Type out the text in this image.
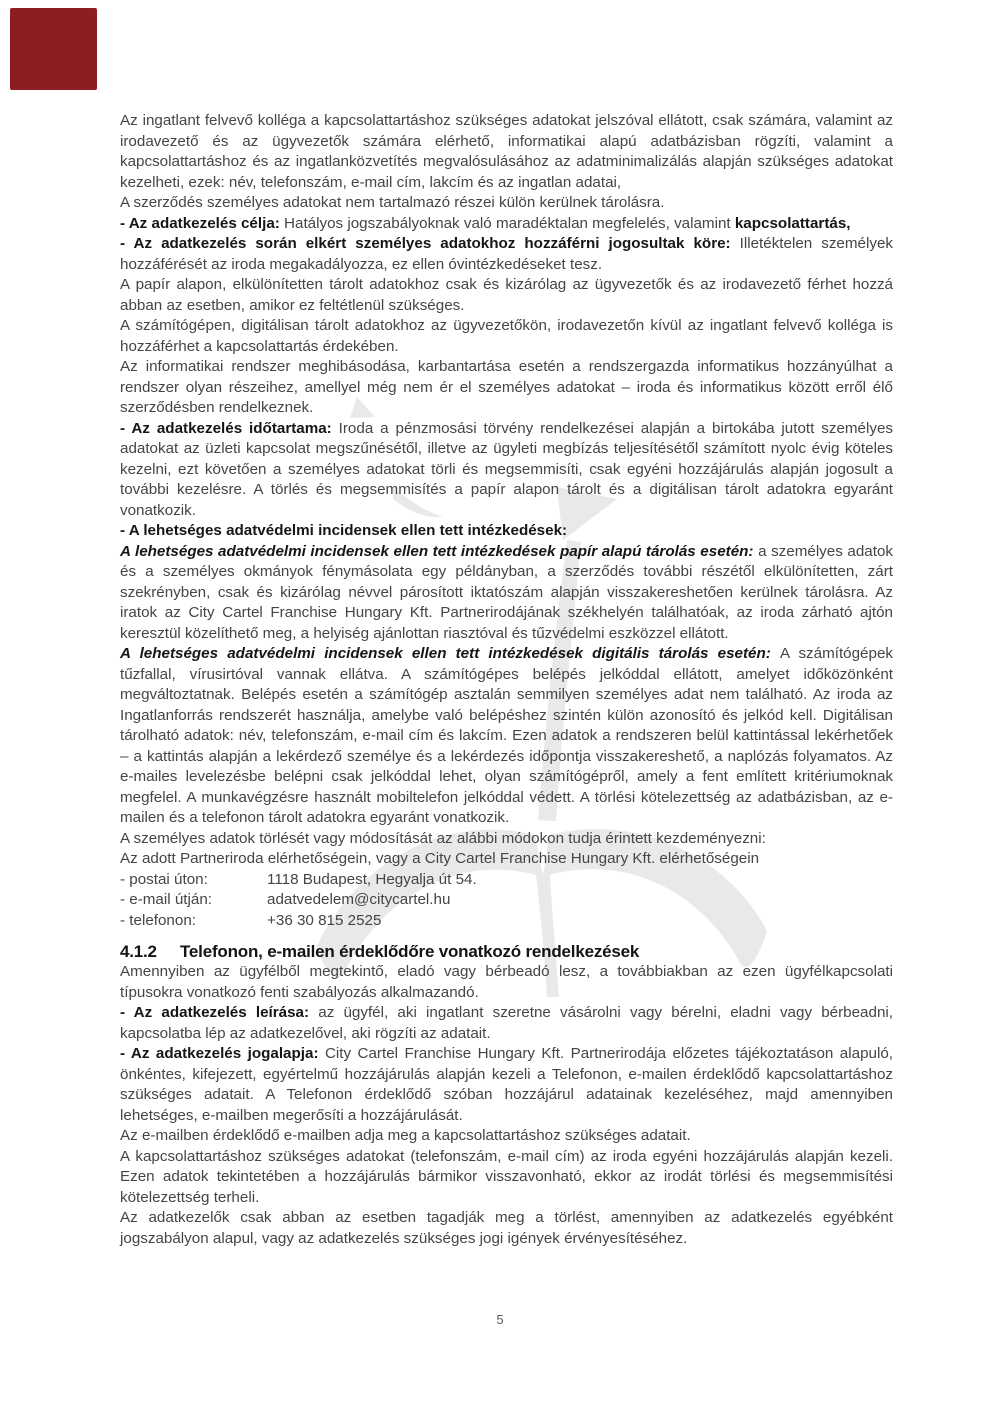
Az ingatlant felvevő kolléga a kapcsolattartáshoz szükséges adatokat jelszóval ellátott, csak számára, valamint az irodavezető és az ügyvezetők számára elérhető, informatikai alapú adatbázisban rögzíti, valamint a kapcsolattartáshoz és az ingatlanközvetítés megvalósulásához az adatminimalizálás alapján szükséges adatokat kezelheti, ezek: név, telefonszám, e-mail cím, lakcím és az ingatlan adatai,

A szerződés személyes adatokat nem tartalmazó részei külön kerülnek tárolásra.

- Az adatkezelés célja: Hatályos jogszabályoknak való maradéktalan megfelelés, valamint kapcsolattartás,

- Az adatkezelés során elkért személyes adatokhoz hozzáférni jogosultak köre: Illetéktelen személyek hozzáférését az iroda megakadályozza, ez ellen óvintézkedéseket tesz.

A papír alapon, elkülönítetten tárolt adatokhoz csak és kizárólag az ügyvezetők és az irodavezető férhet hozzá abban az esetben, amikor ez feltétlenül szükséges.

A számítógépen, digitálisan tárolt adatokhoz az ügyvezetőkön, irodavezetőn kívül az ingatlant felvevő kolléga is hozzáférhet a kapcsolattartás érdekében.

Az informatikai rendszer meghibásodása, karbantartása esetén a rendszergazda informatikus hozzányúlhat a rendszer olyan részeihez, amellyel még nem ér el személyes adatokat – iroda és informatikus között erről élő szerződésben rendelkeznek.

- Az adatkezelés időtartama: Iroda a pénzmosási törvény rendelkezései alapján a birtokába jutott személyes adatokat az üzleti kapcsolat megszűnésétől, illetve az ügyleti megbízás teljesítésétől számított nyolc évig köteles kezelni, ezt követően a személyes adatokat törli és megsemmisíti, csak egyéni hozzájárulás alapján jogosult a további kezelésre. A törlés és megsemmisítés a papír alapon tárolt és a digitálisan tárolt adatokra egyaránt vonatkozik.

- A lehetséges adatvédelmi incidensek ellen tett intézkedések:

A lehetséges adatvédelmi incidensek ellen tett intézkedések papír alapú tárolás esetén: a személyes adatok és a személyes okmányok fénymásolata egy példányban, a szerződés további részétől elkülönítetten, zárt szekrényben, csak és kizárólag névvel párosított iktatószám alapján visszakereshetően kerülnek tárolásra. Az iratok az City Cartel Franchise Hungary Kft. Partnerirodájának székhelyén találhatóak, az iroda zárható ajtón keresztül közelíthető meg, a helyiség ajánlottan riasztóval és tűzvédelmi eszközzel ellátott.

A lehetséges adatvédelmi incidensek ellen tett intézkedések digitális tárolás esetén: A számítógépek tűzfallal, vírusirtóval vannak ellátva. A számítógépes belépés jelkóddal ellátott, amelyet időközönként megváltoztatnak. Belépés esetén a számítógép asztalán semmilyen személyes adat nem található. Az iroda az Ingatlanforrás rendszerét használja, amelybe való belépéshez szintén külön azonosító és jelkód kell. Digitálisan tárolható adatok: név, telefonszám, e-mail cím és lakcím. Ezen adatok a rendszeren belül kattintással lekérhetőek – a kattintás alapján a lekérdező személye és a lekérdezés időpontja visszakereshető, a naplózás folyamatos. Az e-mailes levelezésbe belépni csak jelkóddal lehet, olyan számítógépről, amely a fent említett kritériumoknak megfelel. A munkavégzésre használt mobiltelefon jelkóddal védett. A törlési kötelezettség az adatbázisban, az e-mailen és a telefonon tárolt adatokra egyaránt vonatkozik.

A személyes adatok törlését vagy módosítását az alábbi módokon tudja érintett kezdeményezni:

Az adott Partneriroda elérhetőségein, vagy a City Cartel Franchise Hungary Kft. elérhetőségein

- postai úton:	1118 Budapest, Hegyalja út 54.

- e-mail útján:	adatvedelem@citycartel.hu

- telefonon:	+36 30 815 2525

4.1.2 Telefonon, e-mailen érdeklődőre vonatkozó rendelkezések

Amennyiben az ügyfélből megtekintő, eladó vagy bérbeadó lesz, a továbbiakban az ezen ügyfélkapcsolati típusokra vonatkozó fenti szabályozás alkalmazandó.

- Az adatkezelés leírása: az ügyfél, aki ingatlant szeretne vásárolni vagy bérelni, eladni vagy bérbeadni, kapcsolatba lép az adatkezelővel, aki rögzíti az adatait.

- Az adatkezelés jogalapja: City Cartel Franchise Hungary Kft. Partnerirodája előzetes tájékoztatáson alapuló, önkéntes, kifejezett, egyértelmű hozzájárulás alapján kezeli a Telefonon, e-mailen érdeklődő kapcsolattartáshoz szükséges adatait. A Telefonon érdeklődő szóban hozzájárul adatainak kezeléséhez, majd amennyiben lehetséges, e-mailben megerősíti a hozzájárulását.

Az e-mailben érdeklődő e-mailben adja meg a kapcsolattartáshoz szükséges adatait.

A kapcsolattartáshoz szükséges adatokat (telefonszám, e-mail cím) az iroda egyéni hozzájárulás alapján kezeli. Ezen adatok tekintetében a hozzájárulás bármikor visszavonható, ekkor az irodát törlési és megsemmisítési kötelezettség terheli.

Az adatkezelők csak abban az esetben tagadják meg a törlést, amennyiben az adatkezelés egyébként jogszabályon alapul, vagy az adatkezelés szükséges jogi igények érvényesítéséhez.

5
